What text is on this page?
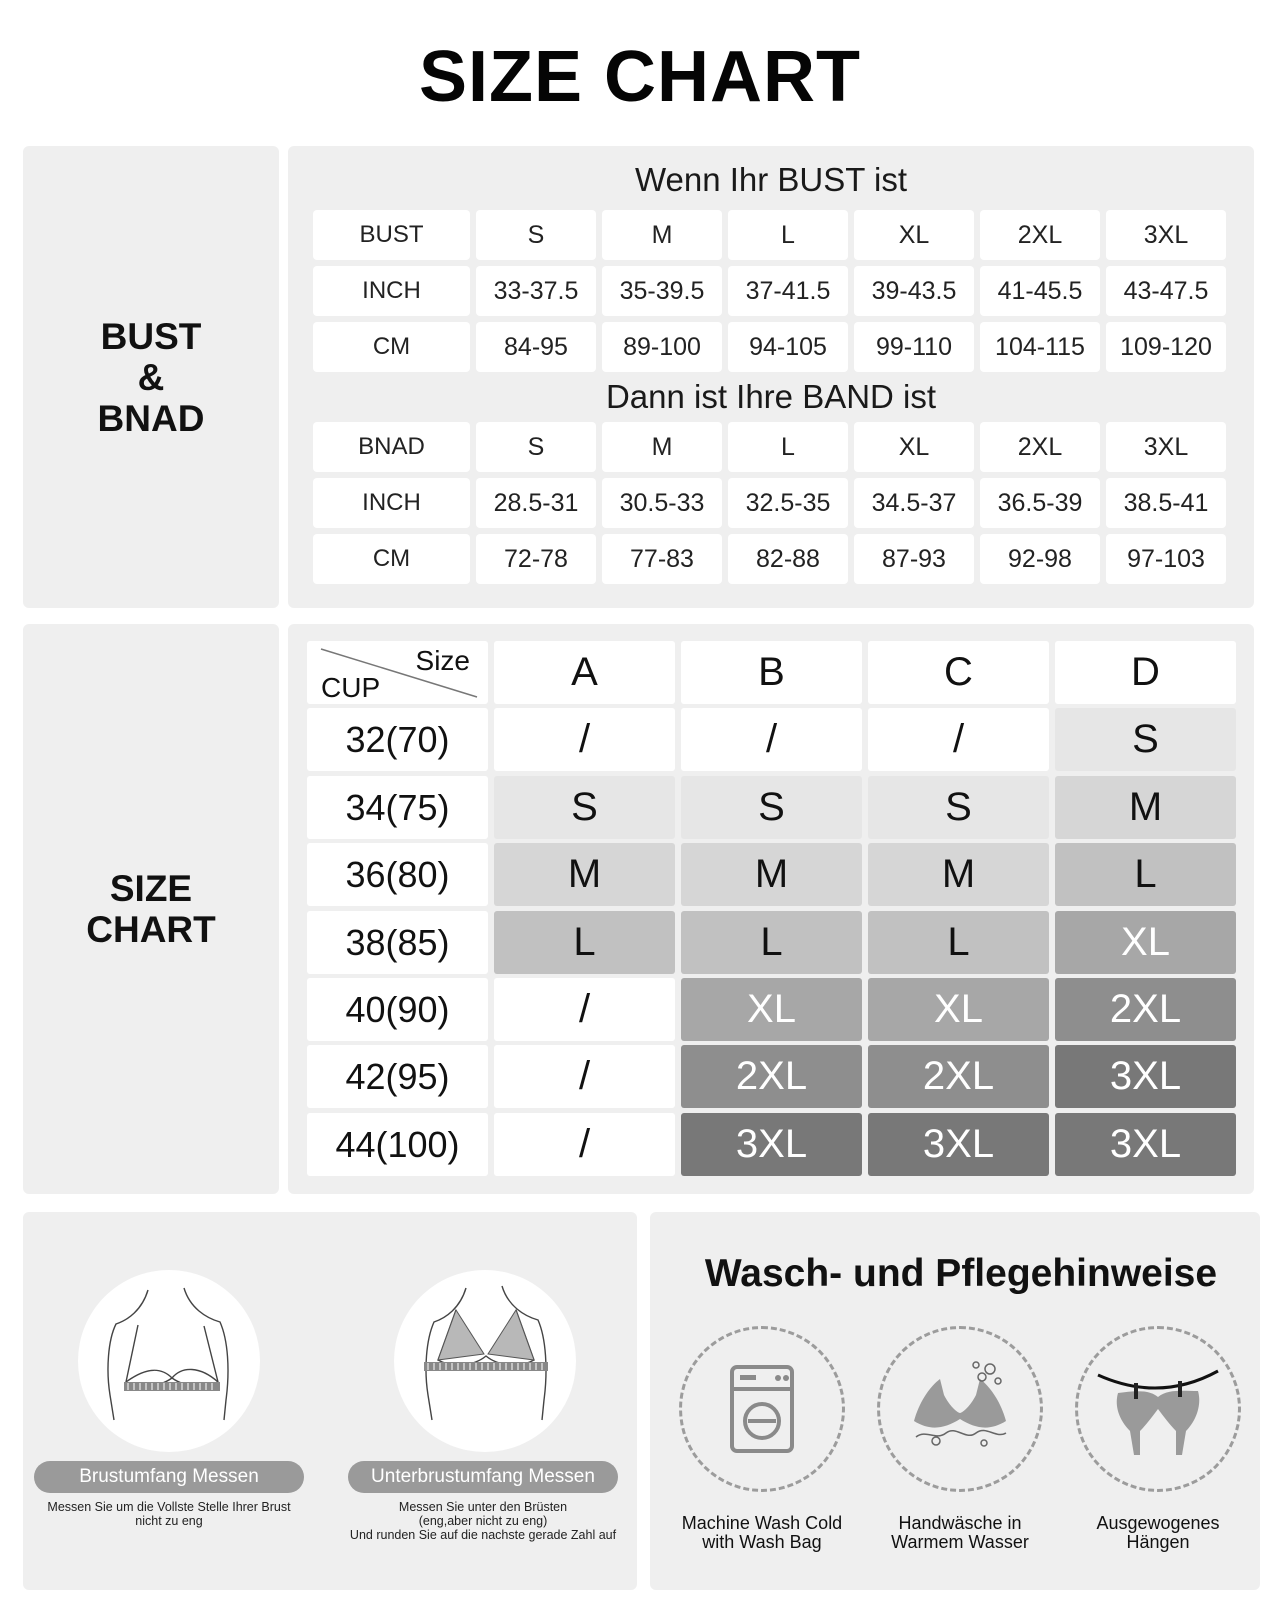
SIZE CHART
BUST
&
BNAD
Wenn Ihr BUST ist
BUST	S	M	L	XL	2XL	3XL
INCH	33-37.5	35-39.5	37-41.5	39-43.5	41-45.5	43-47.5
CM	84-95	89-100	94-105	99-110	104-115	109-120
Dann ist Ihre BAND ist
BNAD	S	M	L	XL	2XL	3XL
INCH	28.5-31	30.5-33	32.5-35	34.5-37	36.5-39	38.5-41
CM	72-78	77-83	82-88	87-93	92-98	97-103
SIZE
CHART
Size
CUP	A	B	C	D
32(70)	/	/	/	S
34(75)	S	S	S	M
36(80)	M	M	M	L
38(85)	L	L	L	XL
40(90)	/	XL	XL	2XL
42(95)	/	2XL	2XL	3XL
44(100)	/	3XL	3XL	3XL
Brustumfang Messen
Messen Sie um die Vollste Stelle Ihrer Brust
nicht zu eng
Unterbrustumfang Messen
Messen Sie unter den Brüsten
(eng,aber nicht zu eng)
Und runden Sie auf die nachste gerade Zahl auf
Wasch- und Pflegehinweise
Machine Wash Cold
with Wash Bag
Handwäsche in
Warmem Wasser
Ausgewogenes
Hängen
